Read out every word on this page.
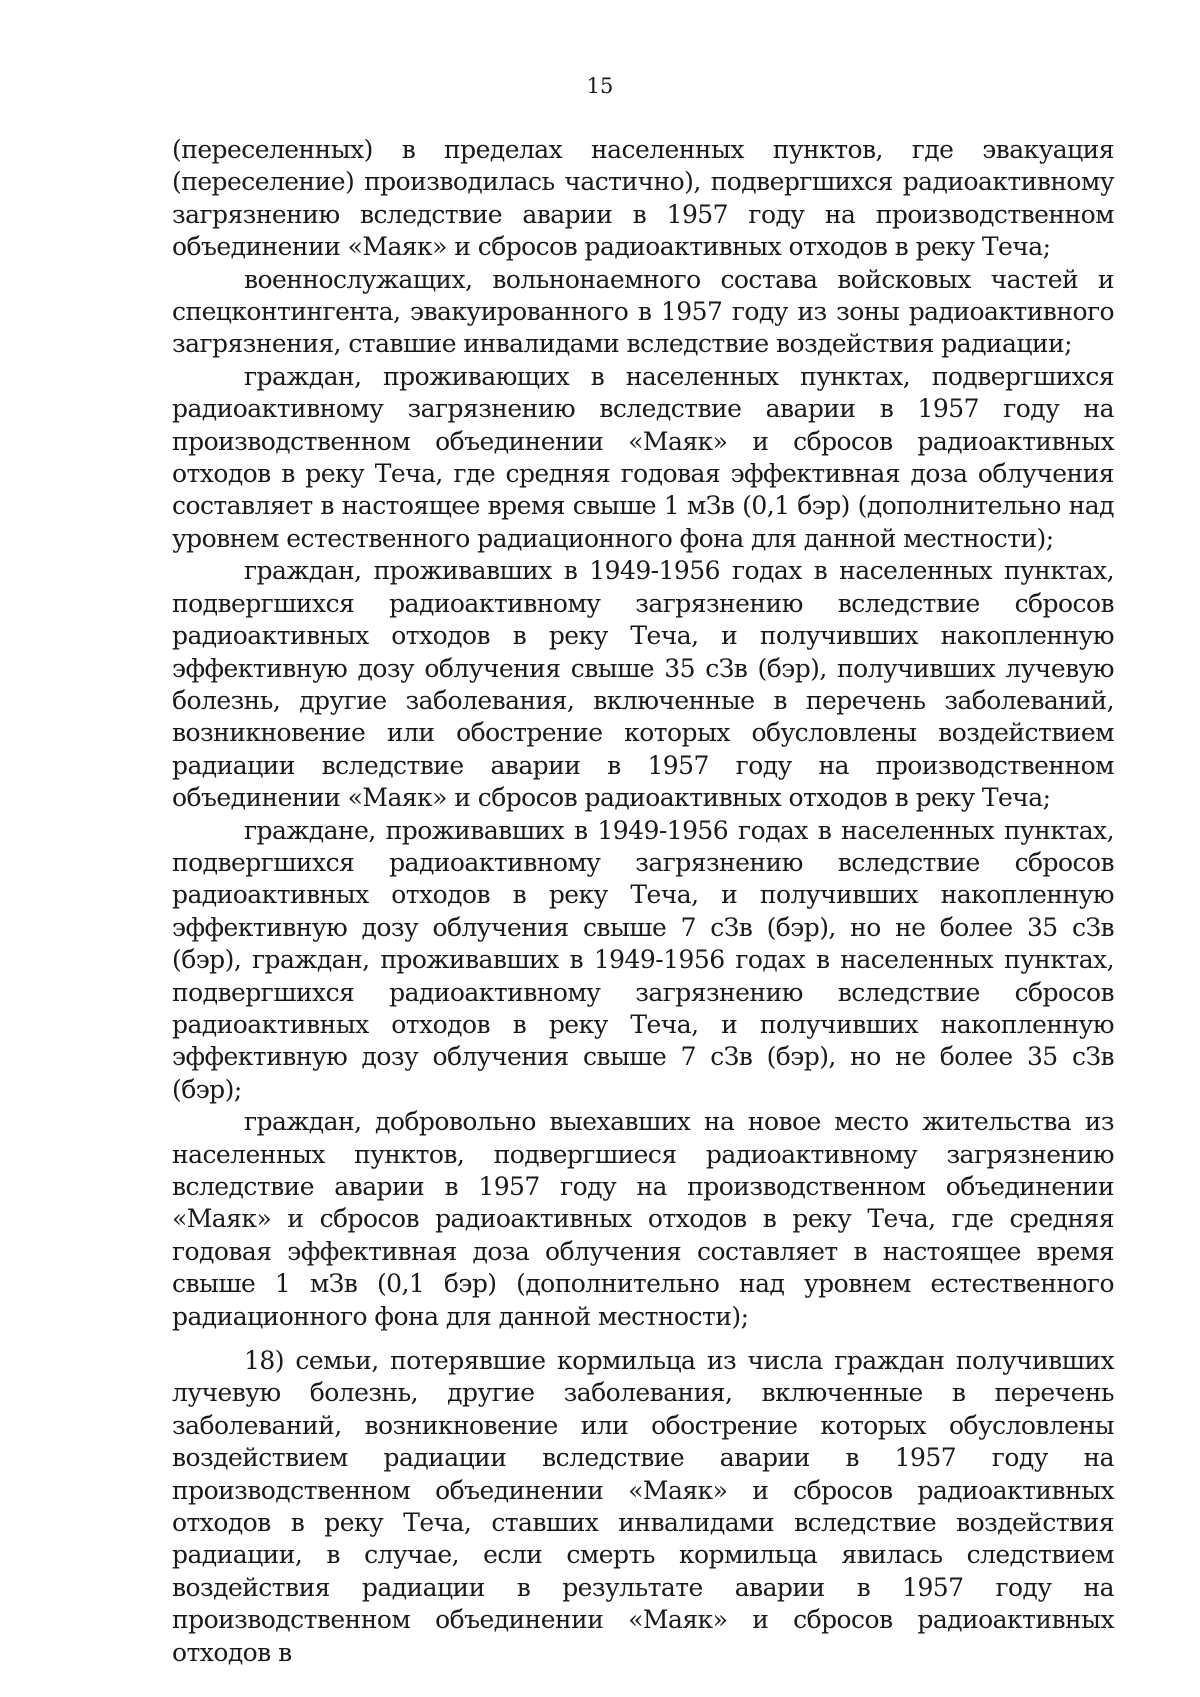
15

(переселенных) в пределах населенных пунктов, где эвакуация (переселение) производилась частично), подвергшихся радиоактивному загрязнению вследствие аварии в 1957 году на производственном объединении «Маяк» и сбросов радиоактивных отходов в реку Теча;

военнослужащих, вольнонаемного состава войсковых частей и спецконтингента, эвакуированного в 1957 году из зоны радиоактивного загрязнения, ставшие инвалидами вследствие воздействия радиации;

граждан, проживающих в населенных пунктах, подвергшихся радиоактивному загрязнению вследствие аварии в 1957 году на производственном объединении «Маяк» и сбросов радиоактивных отходов в реку Теча, где средняя годовая эффективная доза облучения составляет в настоящее время свыше 1 мЗв (0,1 бэр) (дополнительно над уровнем естественного радиационного фона для данной местности);

граждан, проживавших в 1949-1956 годах в населенных пунктах, подвергшихся радиоактивному загрязнению вследствие сбросов радиоактивных отходов в реку Теча, и получивших накопленную эффективную дозу облучения свыше 35 сЗв (бэр), получивших лучевую болезнь, другие заболевания, включенные в перечень заболеваний, возникновение или обострение которых обусловлены воздействием радиации вследствие аварии в 1957 году на производственном объединении «Маяк» и сбросов радиоактивных отходов в реку Теча;

граждане, проживавших в 1949-1956 годах в населенных пунктах, подвергшихся радиоактивному загрязнению вследствие сбросов радиоактивных отходов в реку Теча, и получивших накопленную эффективную дозу облучения свыше 7 сЗв (бэр), но не более 35 сЗв (бэр), граждан, проживавших в 1949-1956 годах в населенных пунктах, подвергшихся радиоактивному загрязнению вследствие сбросов радиоактивных отходов в реку Теча, и получивших накопленную эффективную дозу облучения свыше 7 сЗв (бэр), но не более 35 сЗв (бэр);

граждан, добровольно выехавших на новое место жительства из населенных пунктов, подвергшиеся радиоактивному загрязнению вследствие аварии в 1957 году на производственном объединении «Маяк» и сбросов радиоактивных отходов в реку Теча, где средняя годовая эффективная доза облучения составляет в настоящее время свыше 1 мЗв (0,1 бэр) (дополнительно над уровнем естественного радиационного фона для данной местности);

18) семьи, потерявшие кормильца из числа граждан получивших лучевую болезнь, другие заболевания, включенные в перечень заболеваний, возникновение или обострение которых обусловлены воздействием радиации вследствие аварии в 1957 году на производственном объединении «Маяк» и сбросов радиоактивных отходов в реку Теча, ставших инвалидами вследствие воздействия радиации, в случае, если смерть кормильца явилась следствием воздействия радиации в результате аварии в 1957 году на производственном объединении «Маяк» и сбросов радиоактивных отходов в
